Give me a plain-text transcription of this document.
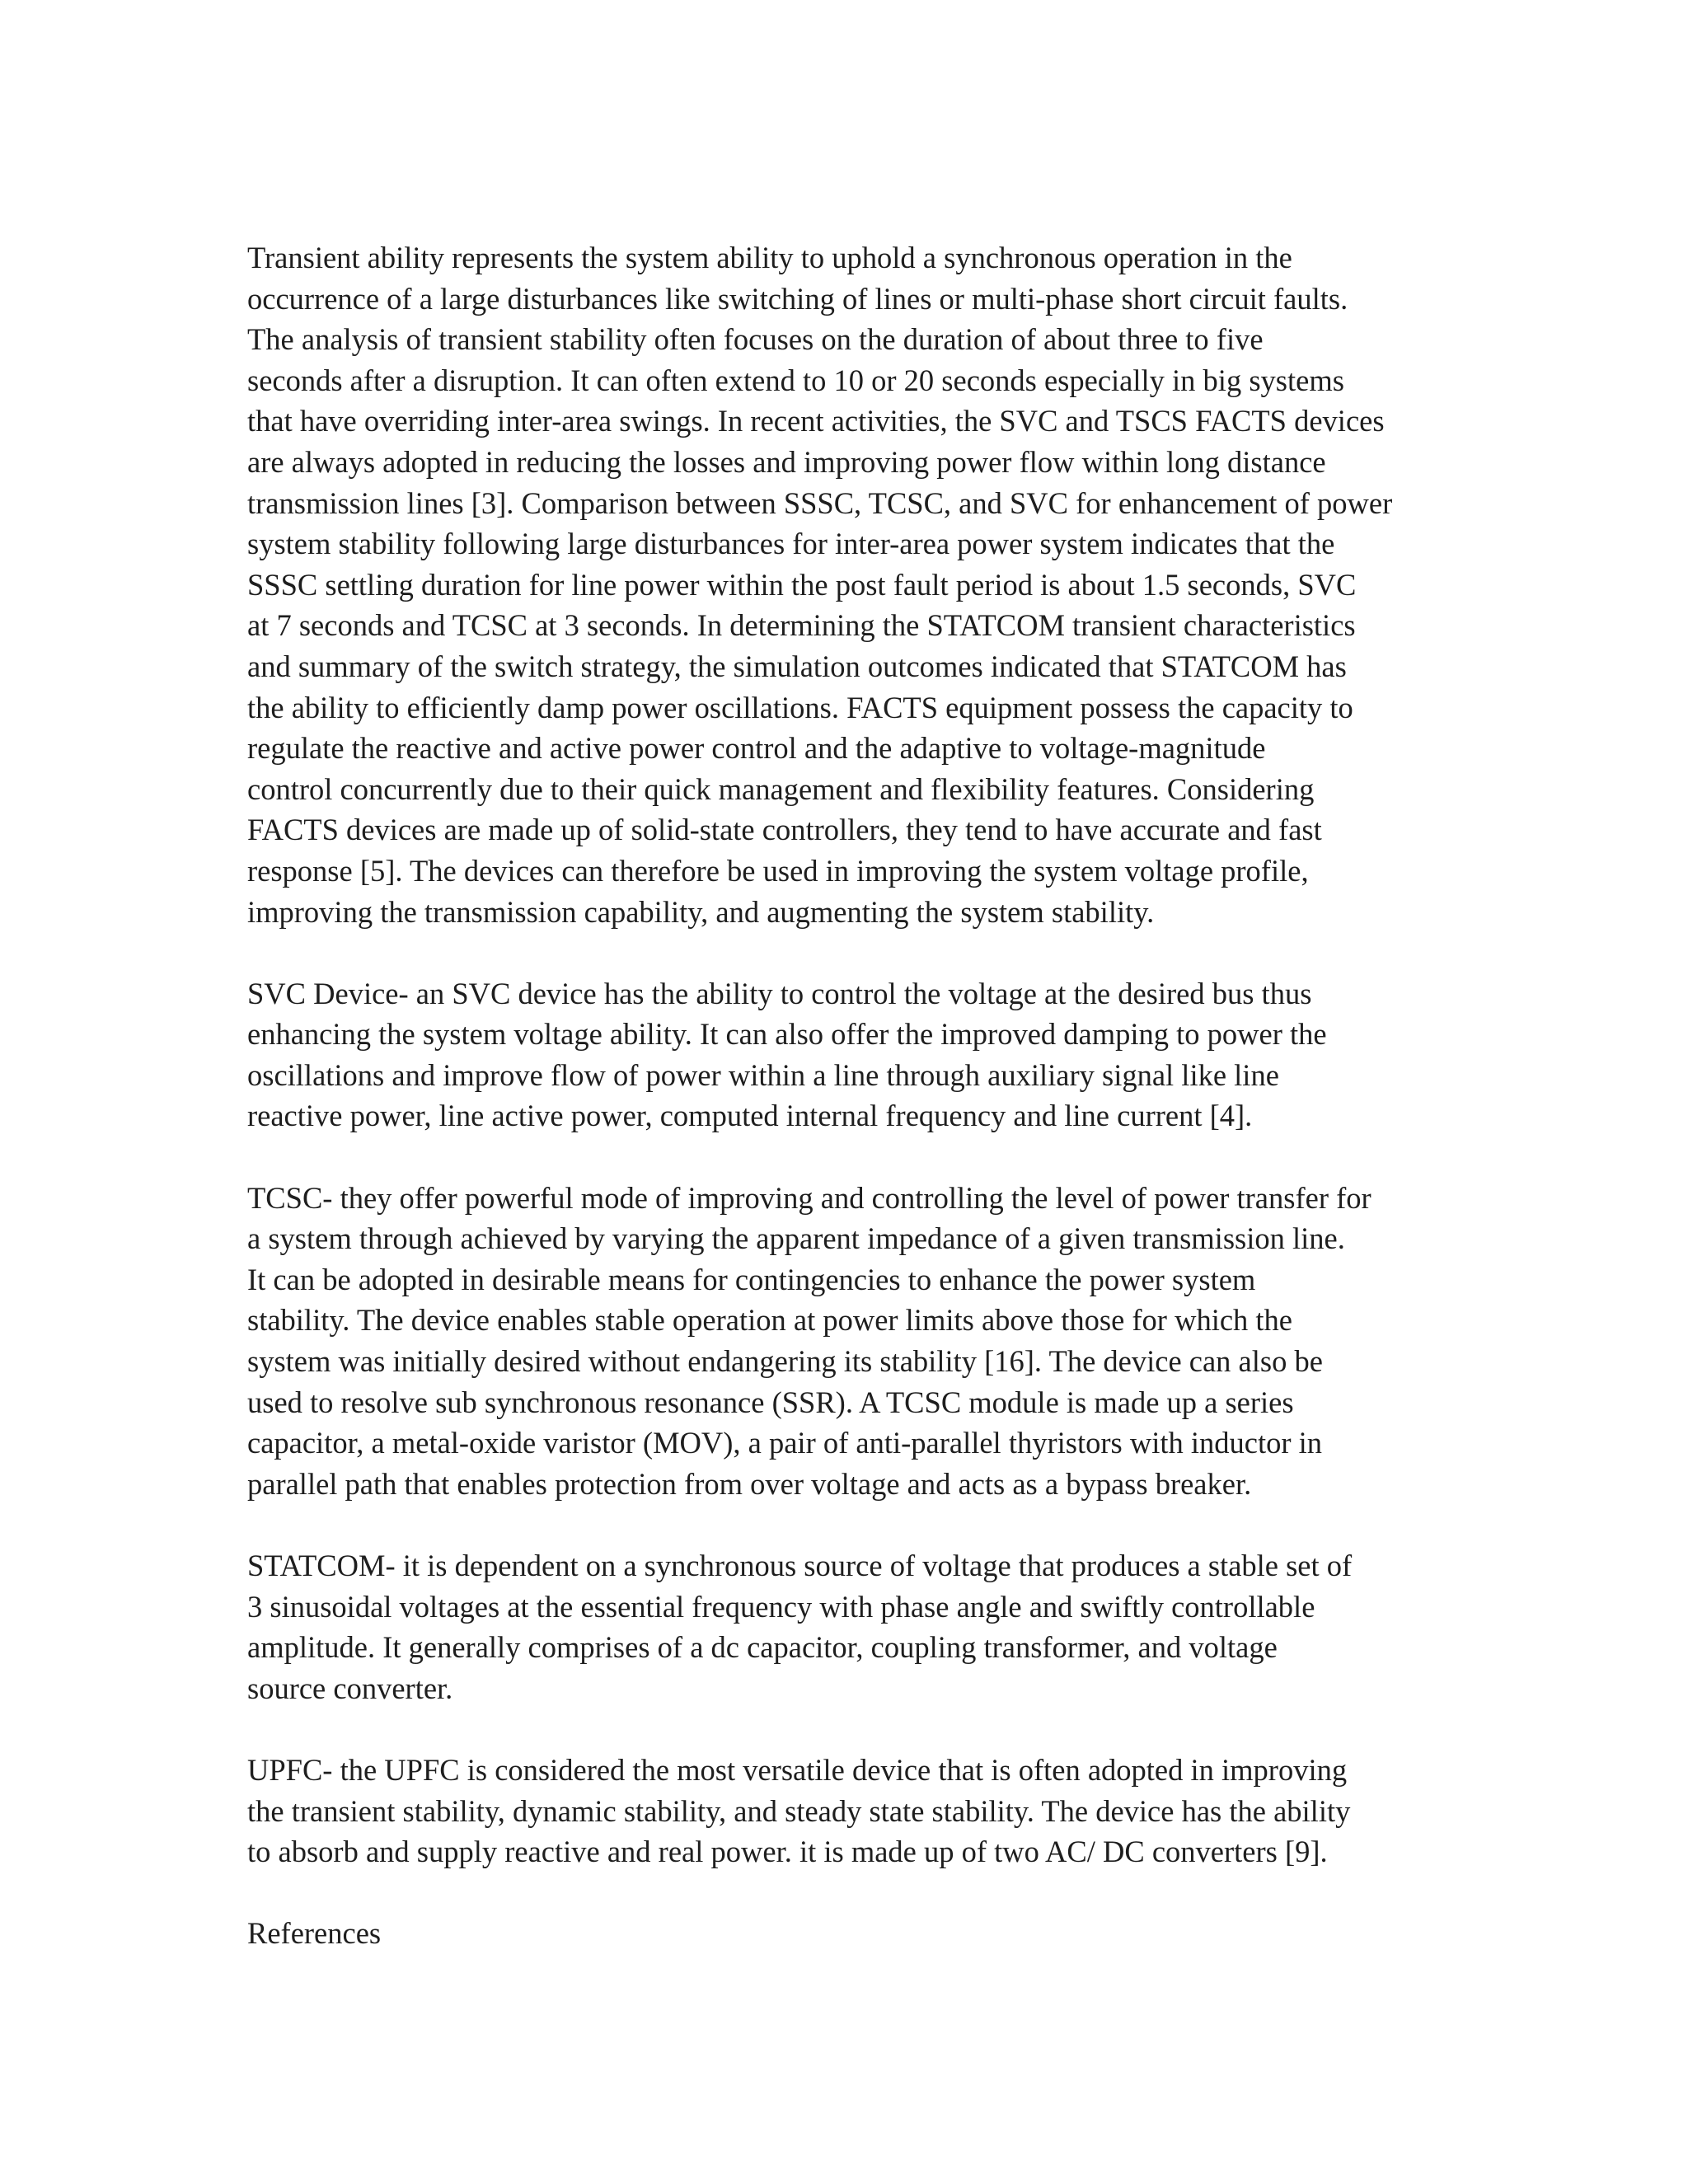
Transient ability represents the system ability to uphold a synchronous operation in the
occurrence of a large disturbances like switching of lines or multi-phase short circuit faults.
The analysis of transient stability often focuses on the duration of about three to five
seconds after a disruption. It can often extend to 10 or 20 seconds especially in big systems
that have overriding inter-area swings. In recent activities, the SVC and TSCS FACTS devices
are always adopted in reducing the losses and improving power flow within long distance
transmission lines [3]. Comparison between SSSC, TCSC, and SVC for enhancement of power
system stability following large disturbances for inter-area power system indicates that the
SSSC settling duration for line power within the post fault period is about 1.5 seconds, SVC
at 7 seconds and TCSC at 3 seconds. In determining the STATCOM transient characteristics
and summary of the switch strategy, the simulation outcomes indicated that STATCOM has
the ability to efficiently damp power oscillations. FACTS equipment possess the capacity to
regulate the reactive and active power control and the adaptive to voltage-magnitude
control concurrently due to their quick management and flexibility features. Considering
FACTS devices are made up of solid-state controllers, they tend to have accurate and fast
response [5]. The devices can therefore be used in improving the system voltage profile,
improving the transmission capability, and augmenting the system stability.
SVC Device- an SVC device has the ability to control the voltage at the desired bus thus
enhancing the system voltage ability. It can also offer the improved damping to power the
oscillations and improve flow of power within a line through auxiliary signal like line
reactive power, line active power, computed internal frequency and line current [4].
TCSC- they offer powerful mode of improving and controlling the level of power transfer for
a system through achieved by varying the apparent impedance of a given transmission line.
It can be adopted in desirable means for contingencies to enhance the power system
stability. The device enables stable operation at power limits above those for which the
system was initially desired without endangering its stability [16]. The device can also be
used to resolve sub synchronous resonance (SSR). A TCSC module is made up a series
capacitor, a metal-oxide varistor (MOV), a pair of anti-parallel thyristors with inductor in
parallel path that enables protection from over voltage and acts as a bypass breaker.
STATCOM- it is dependent on a synchronous source of voltage that produces a stable set of
3 sinusoidal voltages at the essential frequency with phase angle and swiftly controllable
amplitude. It generally comprises of a dc capacitor, coupling transformer, and voltage
source converter.
UPFC- the UPFC is considered the most versatile device that is often adopted in improving
the transient stability, dynamic stability, and steady state stability. The device has the ability
to absorb and supply reactive and real power. it is made up of two AC/ DC converters [9].
References
